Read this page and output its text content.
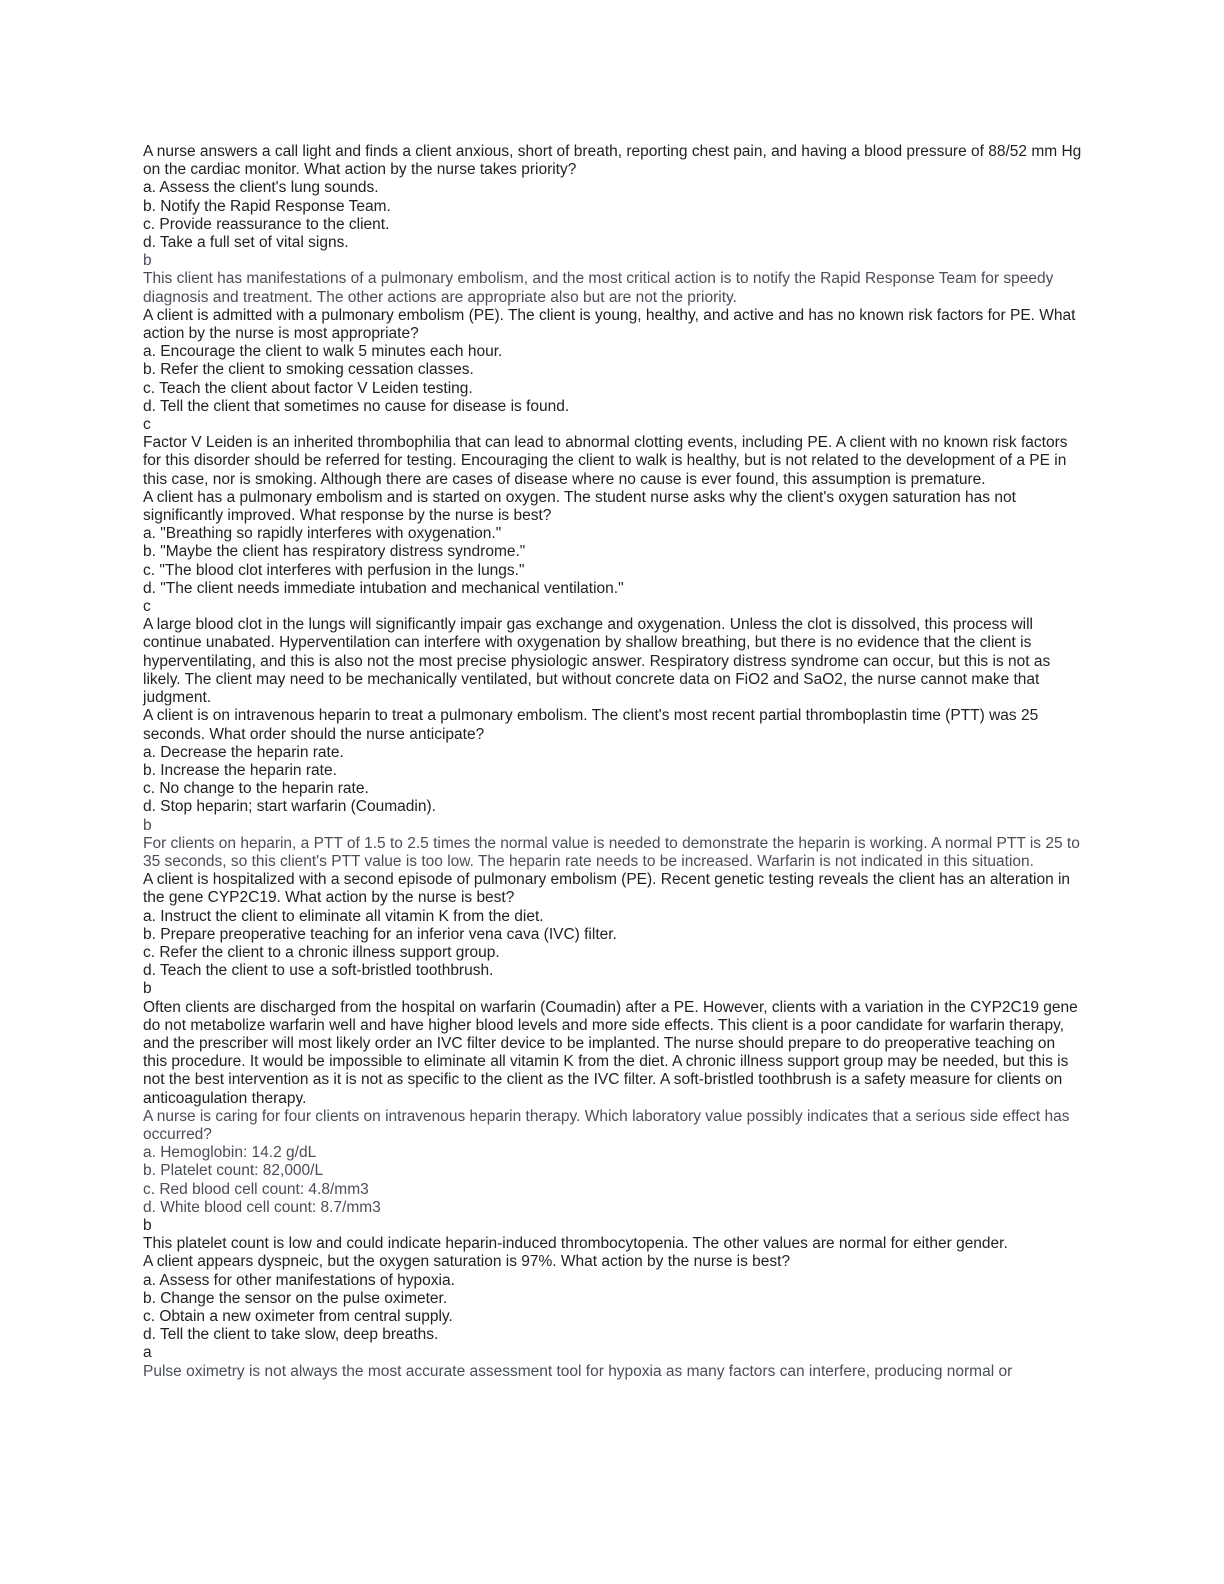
A nurse answers a call light and finds a client anxious, short of breath, reporting chest pain, and having a blood pressure of 88/52 mm Hg on the cardiac monitor. What action by the nurse takes priority?

a. Assess the client's lung sounds.

b. Notify the Rapid Response Team.

c. Provide reassurance to the client.

d. Take a full set of vital signs.

b

This client has manifestations of a pulmonary embolism, and the most critical action is to notify the Rapid Response Team for speedy diagnosis and treatment. The other actions are appropriate also but are not the priority.

A client is admitted with a pulmonary embolism (PE). The client is young, healthy, and active and has no known risk factors for PE. What action by the nurse is most appropriate?

a. Encourage the client to walk 5 minutes each hour.

b. Refer the client to smoking cessation classes.

c. Teach the client about factor V Leiden testing.

d. Tell the client that sometimes no cause for disease is found.

c

Factor V Leiden is an inherited thrombophilia that can lead to abnormal clotting events, including PE. A client with no known risk factors for this disorder should be referred for testing. Encouraging the client to walk is healthy, but is not related to the development of a PE in this case, nor is smoking. Although there are cases of disease where no cause is ever found, this assumption is premature.

A client has a pulmonary embolism and is started on oxygen. The student nurse asks why the client's oxygen saturation has not significantly improved. What response by the nurse is best?

a. "Breathing so rapidly interferes with oxygenation."

b. "Maybe the client has respiratory distress syndrome."

c. "The blood clot interferes with perfusion in the lungs."

d. "The client needs immediate intubation and mechanical ventilation."

c

A large blood clot in the lungs will significantly impair gas exchange and oxygenation. Unless the clot is dissolved, this process will continue unabated. Hyperventilation can interfere with oxygenation by shallow breathing, but there is no evidence that the client is hyperventilating, and this is also not the most precise physiologic answer. Respiratory distress syndrome can occur, but this is not as likely. The client may need to be mechanically ventilated, but without concrete data on FiO2 and SaO2, the nurse cannot make that judgment.

A client is on intravenous heparin to treat a pulmonary embolism. The client's most recent partial thromboplastin time (PTT) was 25 seconds. What order should the nurse anticipate?

a. Decrease the heparin rate.

b. Increase the heparin rate.

c. No change to the heparin rate.

d. Stop heparin; start warfarin (Coumadin).

b

For clients on heparin, a PTT of 1.5 to 2.5 times the normal value is needed to demonstrate the heparin is working. A normal PTT is 25 to 35 seconds, so this client's PTT value is too low. The heparin rate needs to be increased. Warfarin is not indicated in this situation.

A client is hospitalized with a second episode of pulmonary embolism (PE). Recent genetic testing reveals the client has an alteration in the gene CYP2C19. What action by the nurse is best?

a. Instruct the client to eliminate all vitamin K from the diet.

b. Prepare preoperative teaching for an inferior vena cava (IVC) filter.

c. Refer the client to a chronic illness support group.

d. Teach the client to use a soft-bristled toothbrush.

b

Often clients are discharged from the hospital on warfarin (Coumadin) after a PE. However, clients with a variation in the CYP2C19 gene do not metabolize warfarin well and have higher blood levels and more side effects. This client is a poor candidate for warfarin therapy, and the prescriber will most likely order an IVC filter device to be implanted. The nurse should prepare to do preoperative teaching on this procedure. It would be impossible to eliminate all vitamin K from the diet. A chronic illness support group may be needed, but this is not the best intervention as it is not as specific to the client as the IVC filter. A soft-bristled toothbrush is a safety measure for clients on anticoagulation therapy.

A nurse is caring for four clients on intravenous heparin therapy. Which laboratory value possibly indicates that a serious side effect has occurred?

a. Hemoglobin: 14.2 g/dL

b. Platelet count: 82,000/L

c. Red blood cell count: 4.8/mm3

d. White blood cell count: 8.7/mm3

b

This platelet count is low and could indicate heparin-induced thrombocytopenia. The other values are normal for either gender.

A client appears dyspneic, but the oxygen saturation is 97%. What action by the nurse is best?

a. Assess for other manifestations of hypoxia.

b. Change the sensor on the pulse oximeter.

c. Obtain a new oximeter from central supply.

d. Tell the client to take slow, deep breaths.

a

Pulse oximetry is not always the most accurate assessment tool for hypoxia as many factors can interfere, producing normal or
